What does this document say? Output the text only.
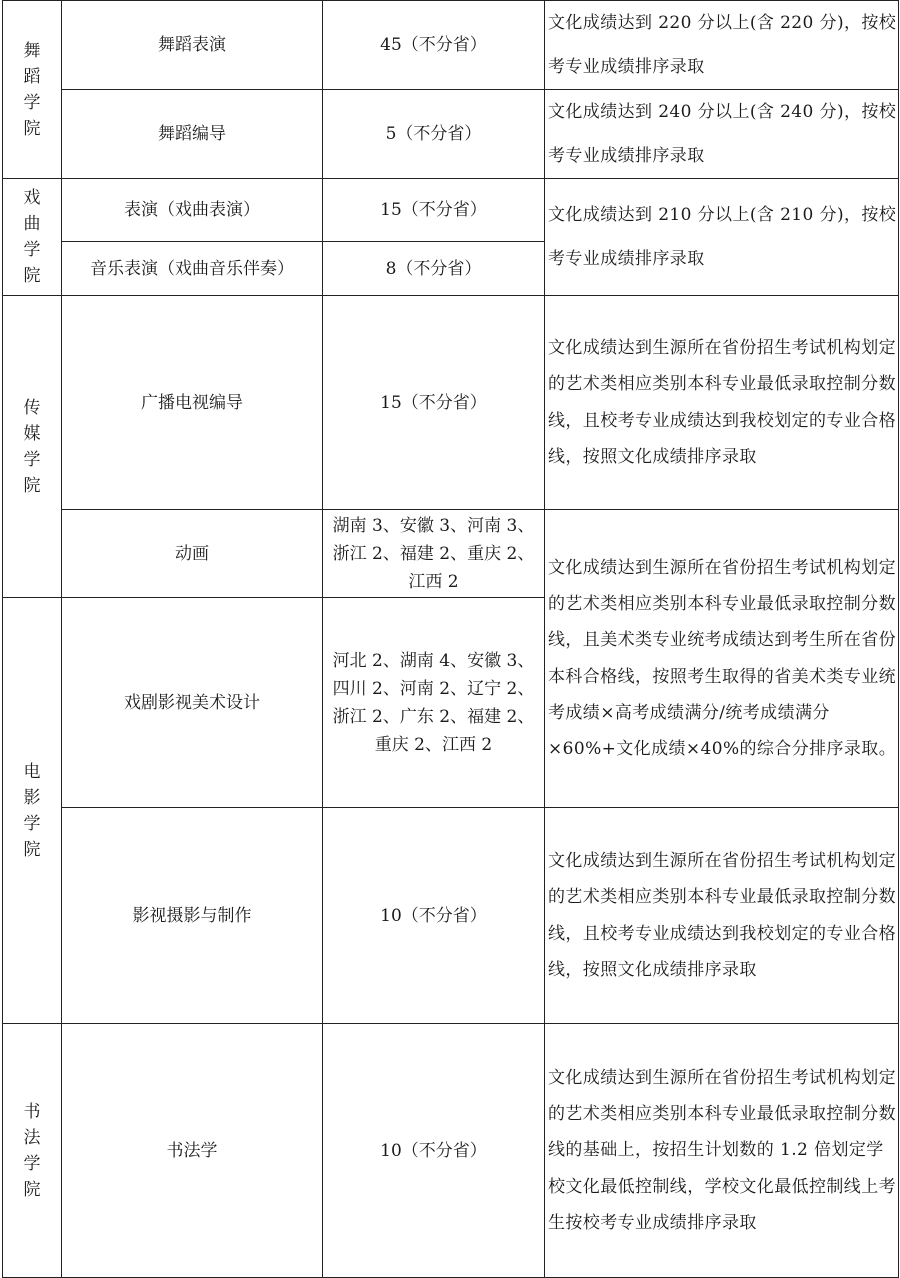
舞蹈学院	舞蹈表演	45（不分省）	文化成绩达到 220 分以上(含 220 分)，按校考专业成绩排序录取
	舞蹈编导	5（不分省）	文化成绩达到 240 分以上(含 240 分)，按校考专业成绩排序录取
戏曲学院	表演（戏曲表演）	15（不分省）	文化成绩达到 210 分以上(含 210 分)，按校考专业成绩排序录取
	音乐表演（戏曲音乐伴奏）	8（不分省）	
传媒学院	广播电视编导	15（不分省）	文化成绩达到生源所在省份招生考试机构划定的艺术类相应类别本科专业最低录取控制分数线，且校考专业成绩达到我校划定的专业合格线，按照文化成绩排序录取
	动画	湖南 3、安徽 3、河南 3、浙江 2、福建 2、重庆 2、江西 2	文化成绩达到生源所在省份招生考试机构划定的艺术类相应类别本科专业最低录取控制分数线，且美术类专业统考成绩达到考生所在省份本科合格线，按照考生取得的省美术类专业统考成绩×高考成绩满分/统考成绩满分×60%+文化成绩×40%的综合分排序录取。
电影学院	戏剧影视美术设计	河北 2、湖南 4、安徽 3、四川 2、河南 2、辽宁 2、浙江 2、广东 2、福建 2、重庆 2、江西 2	
	影视摄影与制作	10（不分省）	文化成绩达到生源所在省份招生考试机构划定的艺术类相应类别本科专业最低录取控制分数线，且校考专业成绩达到我校划定的专业合格线，按照文化成绩排序录取
书法学院	书法学	10（不分省）	文化成绩达到生源所在省份招生考试机构划定的艺术类相应类别本科专业最低录取控制分数线的基础上，按招生计划数的 1.2 倍划定学校文化最低控制线，学校文化最低控制线上考生按校考专业成绩排序录取
